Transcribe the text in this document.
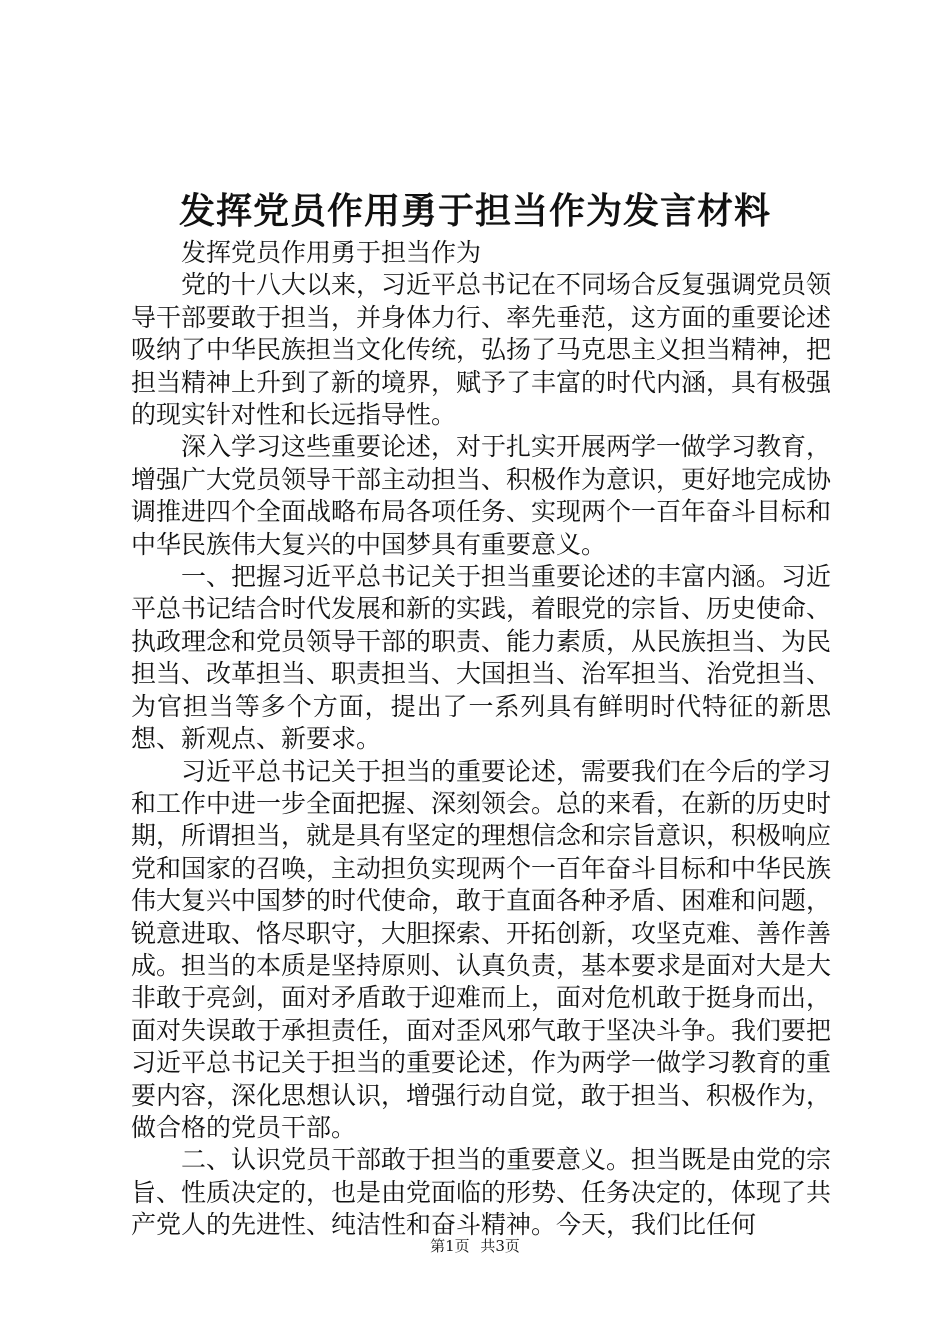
发挥党员作用勇于担当作为发言材料

发挥党员作用勇于担当作为

党的十八大以来，习近平总书记在不同场合反复强调党员领导干部要敢于担当，并身体力行、率先垂范，这方面的重要论述吸纳了中华民族担当文化传统，弘扬了马克思主义担当精神，把担当精神上升到了新的境界，赋予了丰富的时代内涵，具有极强的现实针对性和长远指导性。

深入学习这些重要论述，对于扎实开展两学一做学习教育，增强广大党员领导干部主动担当、积极作为意识，更好地完成协调推进四个全面战略布局各项任务、实现两个一百年奋斗目标和中华民族伟大复兴的中国梦具有重要意义。

一、把握习近平总书记关于担当重要论述的丰富内涵。习近平总书记结合时代发展和新的实践，着眼党的宗旨、历史使命、执政理念和党员领导干部的职责、能力素质，从民族担当、为民担当、改革担当、职责担当、大国担当、治军担当、治党担当、为官担当等多个方面，提出了一系列具有鲜明时代特征的新思想、新观点、新要求。

习近平总书记关于担当的重要论述，需要我们在今后的学习和工作中进一步全面把握、深刻领会。总的来看，在新的历史时期，所谓担当，就是具有坚定的理想信念和宗旨意识，积极响应党和国家的召唤，主动担负实现两个一百年奋斗目标和中华民族伟大复兴中国梦的时代使命，敢于直面各种矛盾、困难和问题，锐意进取、恪尽职守，大胆探索、开拓创新，攻坚克难、善作善成。担当的本质是坚持原则、认真负责，基本要求是面对大是大非敢于亮剑，面对矛盾敢于迎难而上，面对危机敢于挺身而出，面对失误敢于承担责任，面对歪风邪气敢于坚决斗争。我们要把习近平总书记关于担当的重要论述，作为两学一做学习教育的重要内容，深化思想认识，增强行动自觉，敢于担当、积极作为，做合格的党员干部。

二、认识党员干部敢于担当的重要意义。担当既是由党的宗旨、性质决定的，也是由党面临的形势、任务决定的，体现了共产党人的先进性、纯洁性和奋斗精神。今天，我们比任何

第1页 共3页
